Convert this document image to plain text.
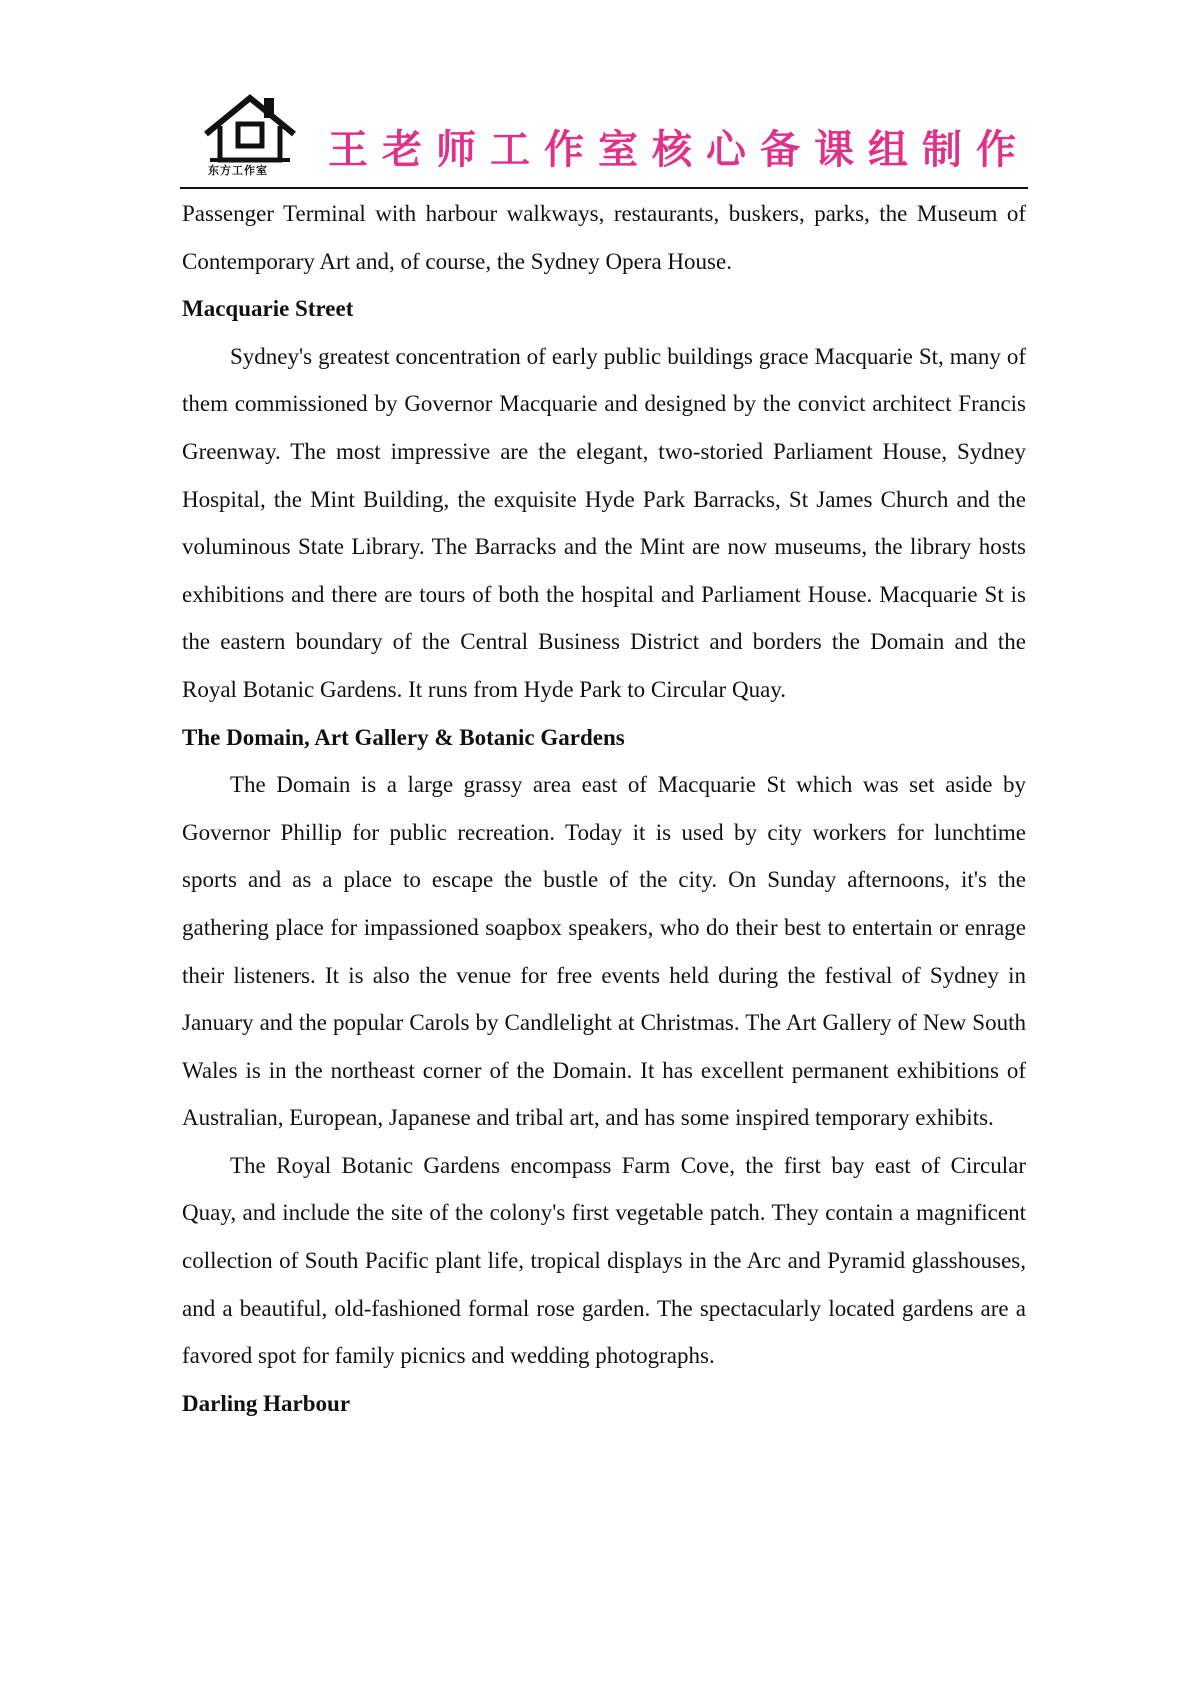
东方工作室 王老师工作室核心备课组制作

Passenger Terminal with harbour walkways, restaurants, buskers, parks, the Museum of Contemporary Art and, of course, the Sydney Opera House.

Macquarie Street

Sydney's greatest concentration of early public buildings grace Macquarie St, many of them commissioned by Governor Macquarie and designed by the convict architect Francis Greenway. The most impressive are the elegant, two-storied Parliament House, Sydney Hospital, the Mint Building, the exquisite Hyde Park Barracks, St James Church and the voluminous State Library. The Barracks and the Mint are now museums, the library hosts exhibitions and there are tours of both the hospital and Parliament House. Macquarie St is the eastern boundary of the Central Business District and borders the Domain and the Royal Botanic Gardens. It runs from Hyde Park to Circular Quay.

The Domain, Art Gallery & Botanic Gardens

The Domain is a large grassy area east of Macquarie St which was set aside by Governor Phillip for public recreation. Today it is used by city workers for lunchtime sports and as a place to escape the bustle of the city. On Sunday afternoons, it's the gathering place for impassioned soapbox speakers, who do their best to entertain or enrage their listeners. It is also the venue for free events held during the festival of Sydney in January and the popular Carols by Candlelight at Christmas. The Art Gallery of New South Wales is in the northeast corner of the Domain. It has excellent permanent exhibitions of Australian, European, Japanese and tribal art, and has some inspired temporary exhibits.

The Royal Botanic Gardens encompass Farm Cove, the first bay east of Circular Quay, and include the site of the colony's first vegetable patch. They contain a magnificent collection of South Pacific plant life, tropical displays in the Arc and Pyramid glasshouses, and a beautiful, old-fashioned formal rose garden. The spectacularly located gardens are a favored spot for family picnics and wedding photographs.

Darling Harbour
